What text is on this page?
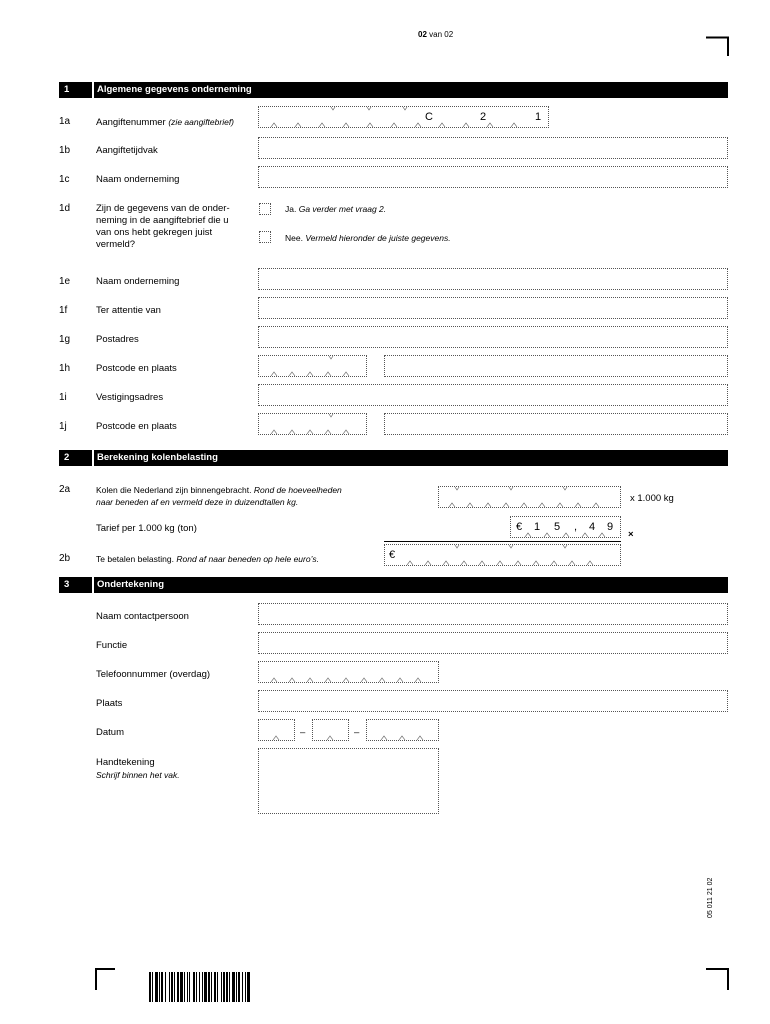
02 van 02
1	Algemene gegevens onderneming
1a	Aangiftenummer (zie aangiftebrief)	C	2	1
1b	Aangiftetijdvak
1c	Naam onderneming
1d	Zijn de gegevens van de onder-
neming in de aangiftebrief die u
van ons hebt gekregen juist
vermeld?
Ja. Ga verder met vraag 2.
Nee. Vermeld hieronder de juiste gegevens.
1e	Naam onderneming
1f	Ter attentie van
1g	Postadres
1h	Postcode en plaats
1i	Vestigingsadres
1j	Postcode en plaats
2	Berekening kolenbelasting
2a	Kolen die Nederland zijn binnengebracht. Rond de hoeveelheden
naar beneden af en vermeld deze in duizendtallen kg.	x 1.000 kg
Tarief per 1.000 kg (ton)	€ 1 5 , 4 9
×
2b	Te betalen belasting. Rond af naar beneden op hele euro’s.	€
3	Ondertekening
Naam contactpersoon
Functie
Telefoonnummer (overdag)
Plaats
Datum	–	–
Handtekening
Schrijf binnen het vak.
05 011 21 02
